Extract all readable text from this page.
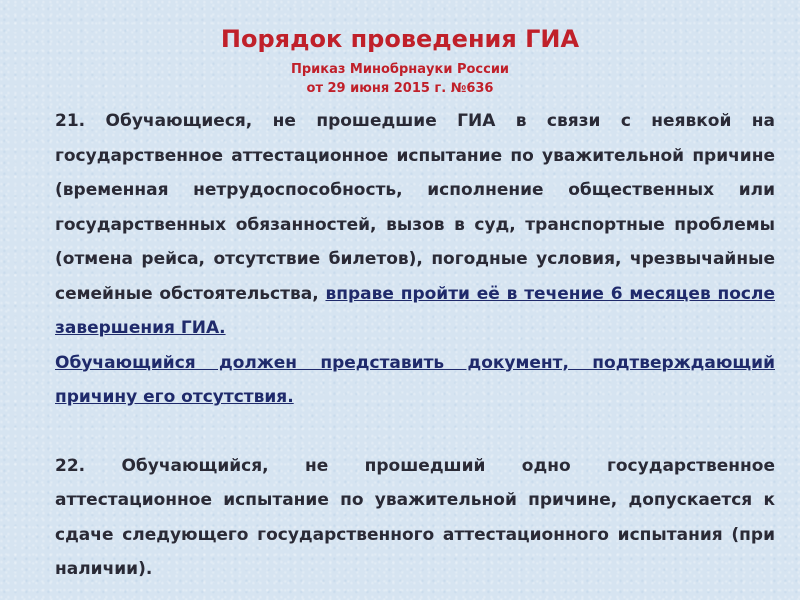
Порядок проведения ГИА
Приказ Минобрнауки России
от 29 июня 2015 г. №636

21. Обучающиеся, не прошедшие ГИА в связи с неявкой на государственное аттестационное испытание по уважительной причине (временная нетрудоспособность, исполнение общественных или государственных обязанностей, вызов в суд, транспортные проблемы (отмена рейса, отсутствие билетов), погодные условия, чрезвычайные семейные обстоятельства, вправе пройти её в течение 6 месяцев после завершения ГИА.

Обучающийся должен представить документ, подтверждающий причину его отсутствия.

22. Обучающийся, не прошедший одно государственное аттестационное испытание по уважительной причине, допускается к сдаче следующего государственного аттестационного испытания (при наличии).
